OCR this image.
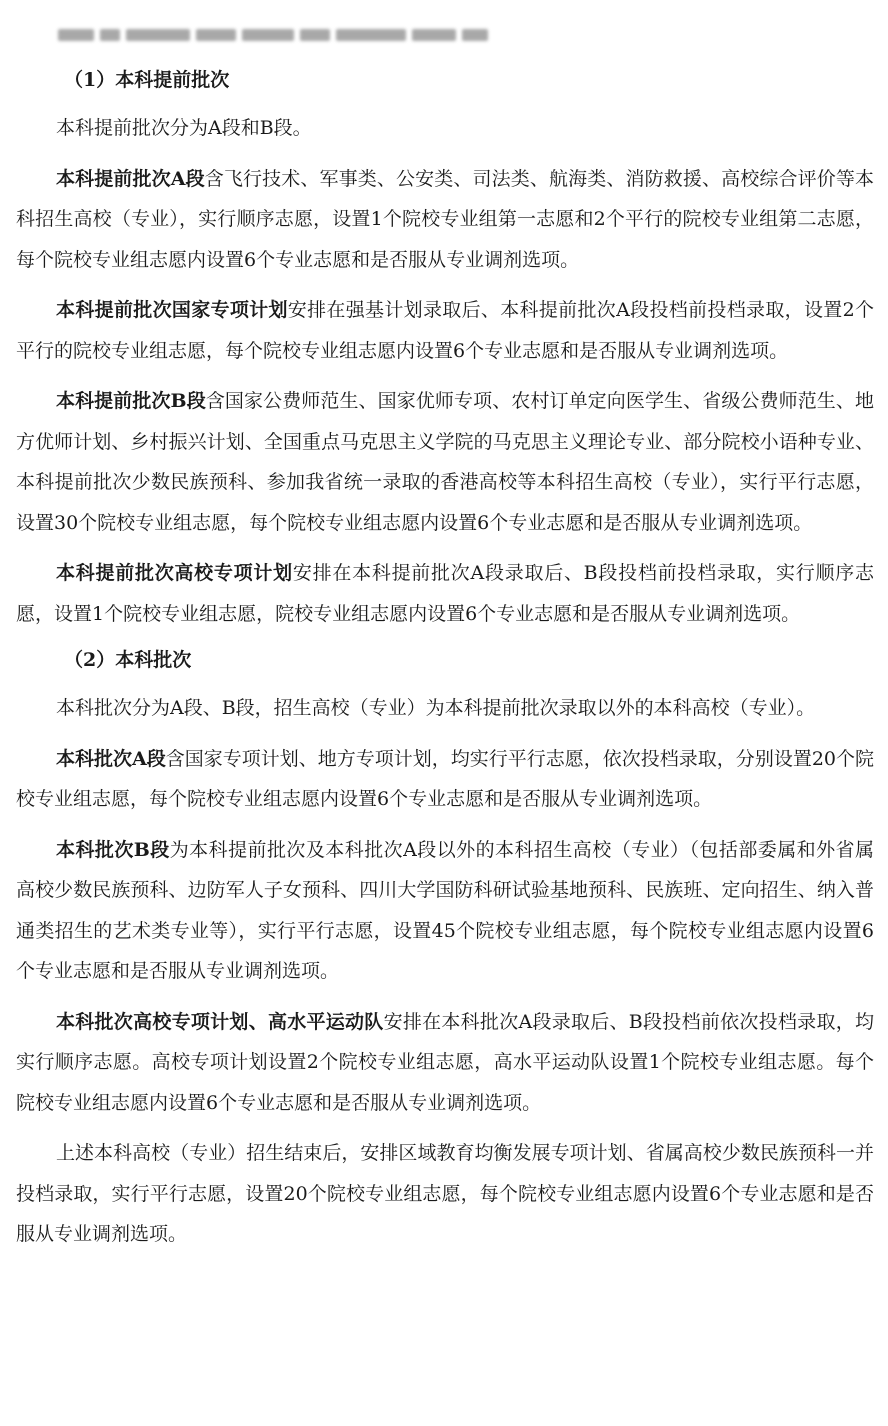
（1）本科提前批次

本科提前批次分为A段和B段。

本科提前批次A段含飞行技术、军事类、公安类、司法类、航海类、消防救援、高校综合评价等本科招生高校（专业），实行顺序志愿，设置1个院校专业组第一志愿和2个平行的院校专业组第二志愿，每个院校专业组志愿内设置6个专业志愿和是否服从专业调剂选项。

本科提前批次国家专项计划安排在强基计划录取后、本科提前批次A段投档前投档录取，设置2个平行的院校专业组志愿，每个院校专业组志愿内设置6个专业志愿和是否服从专业调剂选项。

本科提前批次B段含国家公费师范生、国家优师专项、农村订单定向医学生、省级公费师范生、地方优师计划、乡村振兴计划、全国重点马克思主义学院的马克思主义理论专业、部分院校小语种专业、本科提前批次少数民族预科、参加我省统一录取的香港高校等本科招生高校（专业），实行平行志愿，设置30个院校专业组志愿，每个院校专业组志愿内设置6个专业志愿和是否服从专业调剂选项。

本科提前批次高校专项计划安排在本科提前批次A段录取后、B段投档前投档录取，实行顺序志愿，设置1个院校专业组志愿，院校专业组志愿内设置6个专业志愿和是否服从专业调剂选项。

（2）本科批次

本科批次分为A段、B段，招生高校（专业）为本科提前批次录取以外的本科高校（专业）。

本科批次A段含国家专项计划、地方专项计划，均实行平行志愿，依次投档录取，分别设置20个院校专业组志愿，每个院校专业组志愿内设置6个专业志愿和是否服从专业调剂选项。

本科批次B段为本科提前批次及本科批次A段以外的本科招生高校（专业）（包括部委属和外省属高校少数民族预科、边防军人子女预科、四川大学国防科研试验基地预科、民族班、定向招生、纳入普通类招生的艺术类专业等），实行平行志愿，设置45个院校专业组志愿，每个院校专业组志愿内设置6个专业志愿和是否服从专业调剂选项。

本科批次高校专项计划、高水平运动队安排在本科批次A段录取后、B段投档前依次投档录取，均实行顺序志愿。高校专项计划设置2个院校专业组志愿，高水平运动队设置1个院校专业组志愿。每个院校专业组志愿内设置6个专业志愿和是否服从专业调剂选项。

上述本科高校（专业）招生结束后，安排区域教育均衡发展专项计划、省属高校少数民族预科一并投档录取，实行平行志愿，设置20个院校专业组志愿，每个院校专业组志愿内设置6个专业志愿和是否服从专业调剂选项。
